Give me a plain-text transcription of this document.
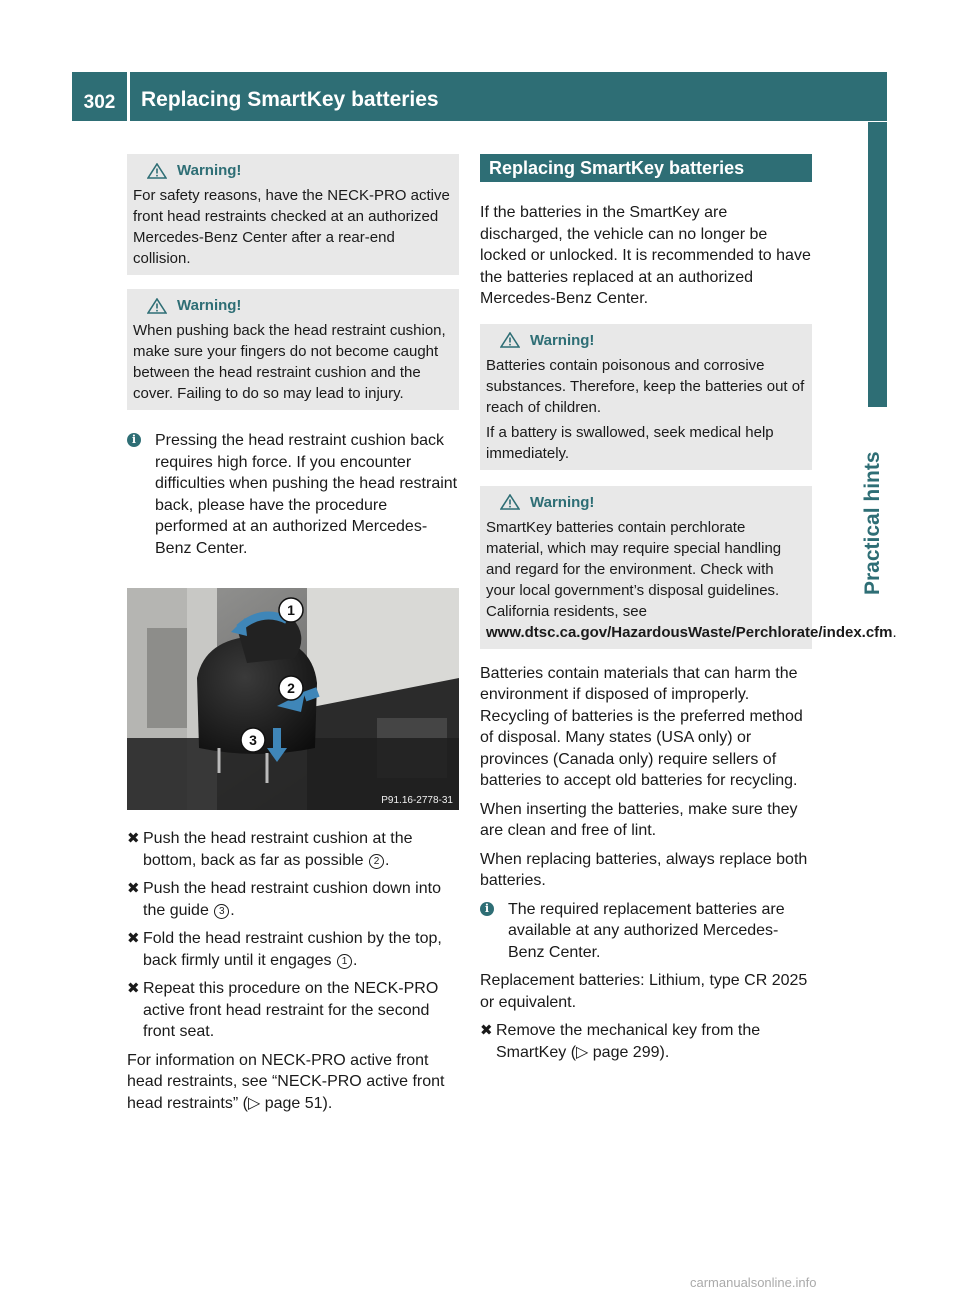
302	Replacing SmartKey batteries
Practical hints
Warning!

For safety reasons, have the NECK-PRO active front head restraints checked at an authorized Mercedes-Benz Center after a rear-end collision.

Warning!

When pushing back the head restraint cushion, make sure your fingers do not become caught between the head restraint cushion and the cover. Failing to do so may lead to injury.

i	Pressing the head restraint cushion back requires high force. If you encounter difficulties when pushing the head restraint back, please have the procedure performed at an authorized Mercedes-Benz Center.
1
2
3
P91.16-2778-31
✖ Push the head restraint cushion at the bottom, back as far as possible 2 .
✖ Push the head restraint cushion down into the guide 3 .
✖ Fold the head restraint cushion by the top, back firmly until it engages 1 .
✖ Repeat this procedure on the NECK-PRO active front head restraint for the second front seat.
For information on NECK-PRO active front head restraints, see “NECK-PRO active front head restraints” (▷ page 51).
Replacing SmartKey batteries
If the batteries in the SmartKey are discharged, the vehicle can no longer be locked or unlocked. It is recommended to have the batteries replaced at an authorized Mercedes-Benz Center.
Warning!

Batteries contain poisonous and corrosive substances. Therefore, keep the batteries out of reach of children.

If a battery is swallowed, seek medical help immediately.

Warning!

SmartKey batteries contain perchlorate material, which may require special handling and regard for the environment. Check with your local government’s disposal guidelines. California residents, see www.dtsc.ca.gov/HazardousWaste/Perchlorate/index.cfm.

Batteries contain materials that can harm the environment if disposed of improperly. Recycling of batteries is the preferred method of disposal. Many states (USA only) or provinces (Canada only) require sellers of batteries to accept old batteries for recycling.
When inserting the batteries, make sure they are clean and free of lint.
When replacing batteries, always replace both batteries.
i	The required replacement batteries are available at any authorized Mercedes-Benz Center.
Replacement batteries: Lithium, type CR 2025 or equivalent.
✖ Remove the mechanical key from the SmartKey (▷ page 299).
carmanualsonline.info
